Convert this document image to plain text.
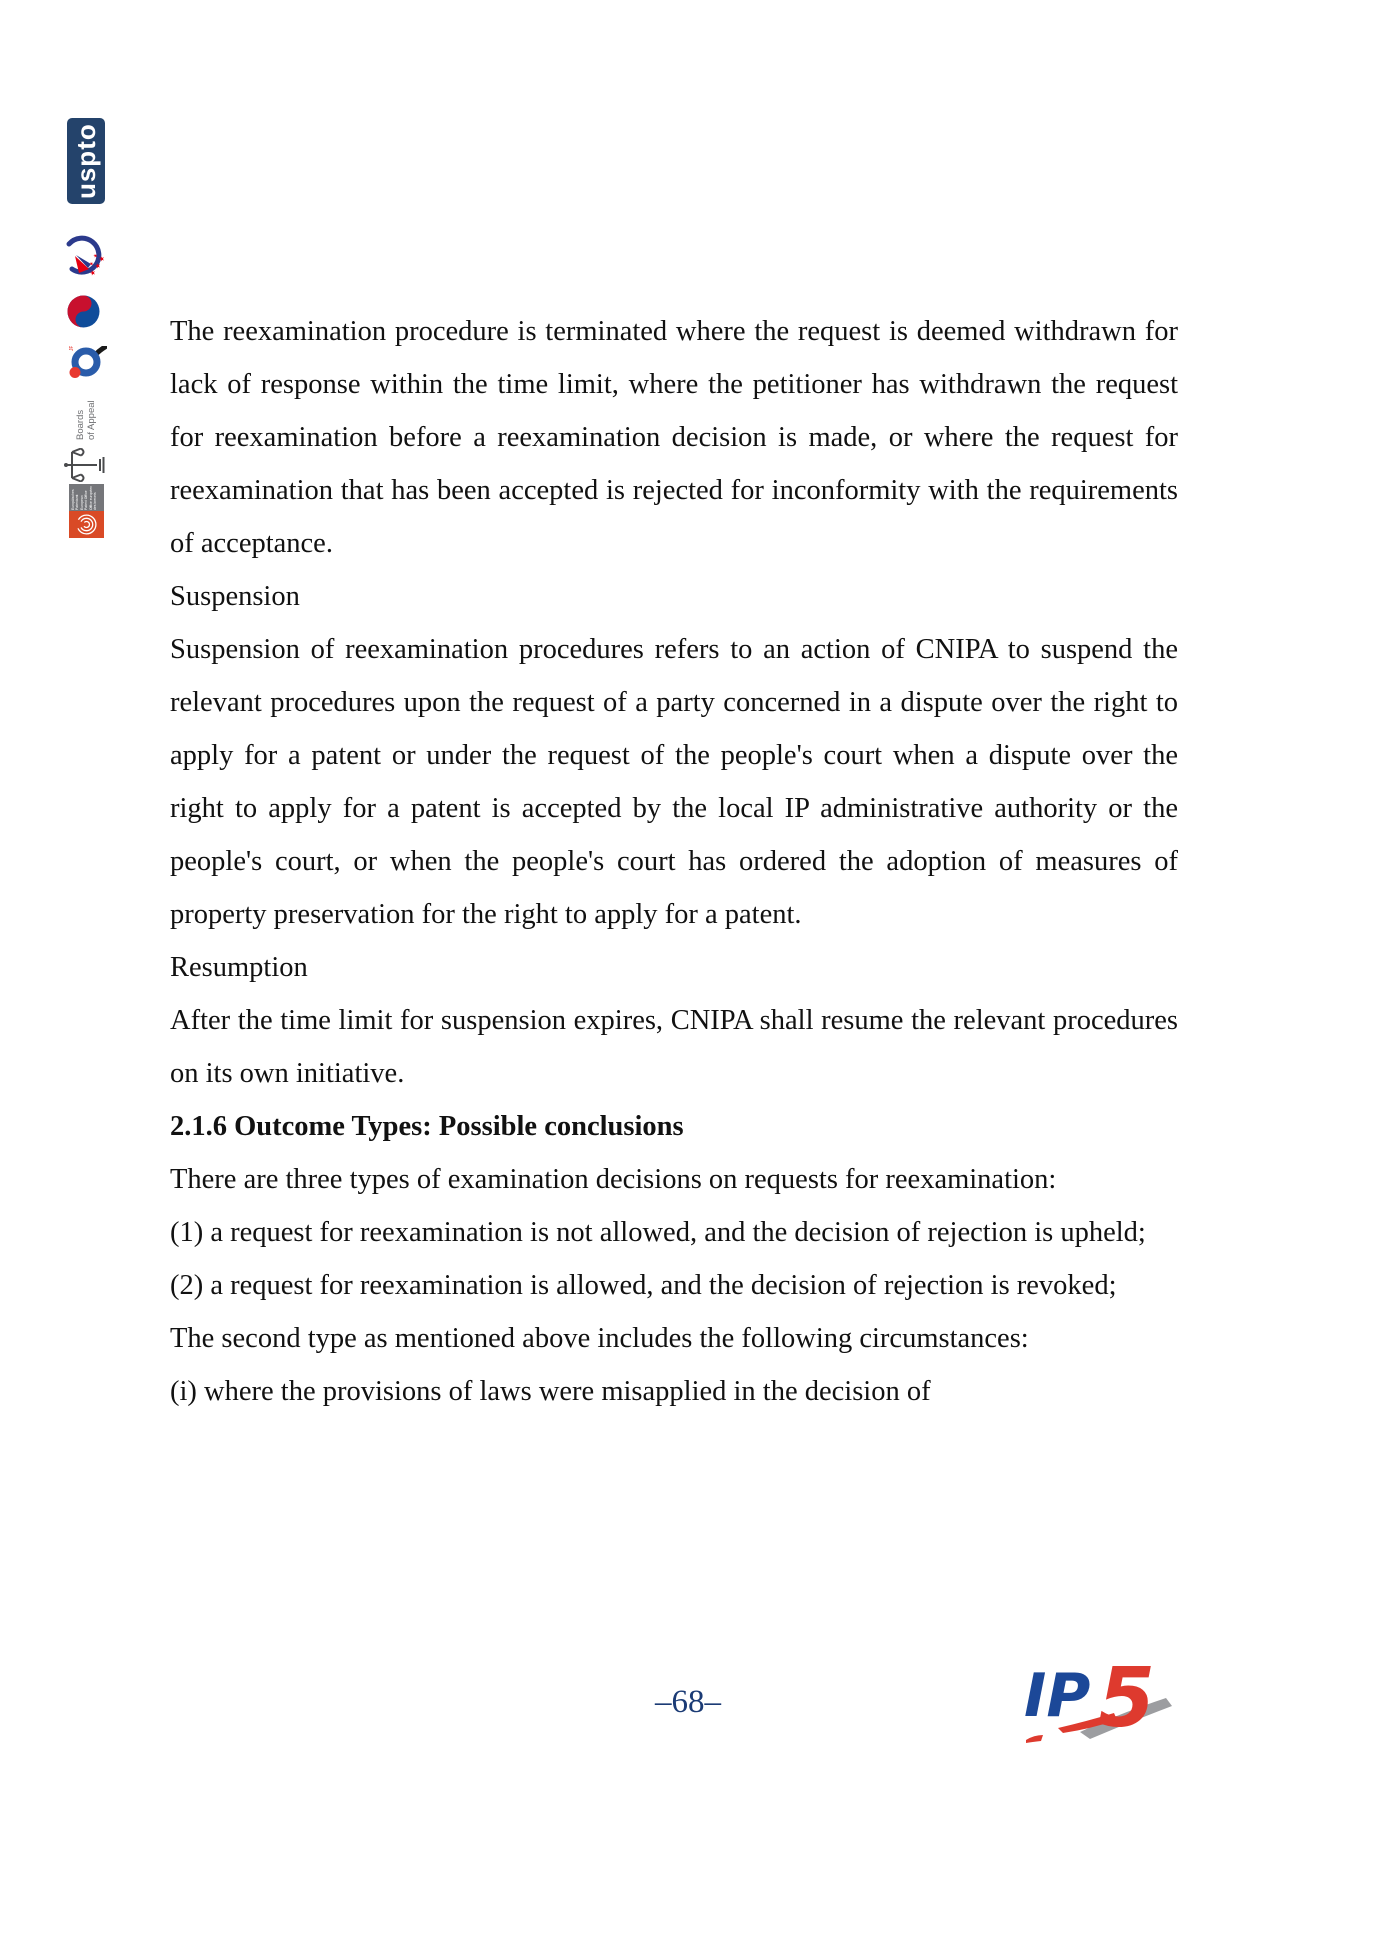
Europäisches Patentamt European Patent Office Office européen des brevets
Boards of Appeal
JPO
★
★
★
★
★
uspto

The reexamination procedure is terminated where the request is deemed withdrawn for lack of response within the time limit, where the petitioner has withdrawn the request for reexamination before a reexamination decision is made, or where the request for reexamination that has been accepted is rejected for inconformity with the requirements of acceptance.

Suspension

Suspension of reexamination procedures refers to an action of CNIPA to suspend the relevant procedures upon the request of a party concerned in a dispute over the right to apply for a patent or under the request of the people's court when a dispute over the right to apply for a patent is accepted by the local IP administrative authority or the people's court, or when the people's court has ordered the adoption of measures of property preservation for the right to apply for a patent.

Resumption

After the time limit for suspension expires, CNIPA shall resume the relevant procedures on its own initiative.

2.1.6 Outcome Types: Possible conclusions

There are three types of examination decisions on requests for reexamination:

(1) a request for reexamination is not allowed, and the decision of rejection is upheld;

(2) a request for reexamination is allowed, and the decision of rejection is revoked;

The second type as mentioned above includes the following circumstances:

(i) where the provisions of laws were misapplied in the decision of

–68–	IP 5
